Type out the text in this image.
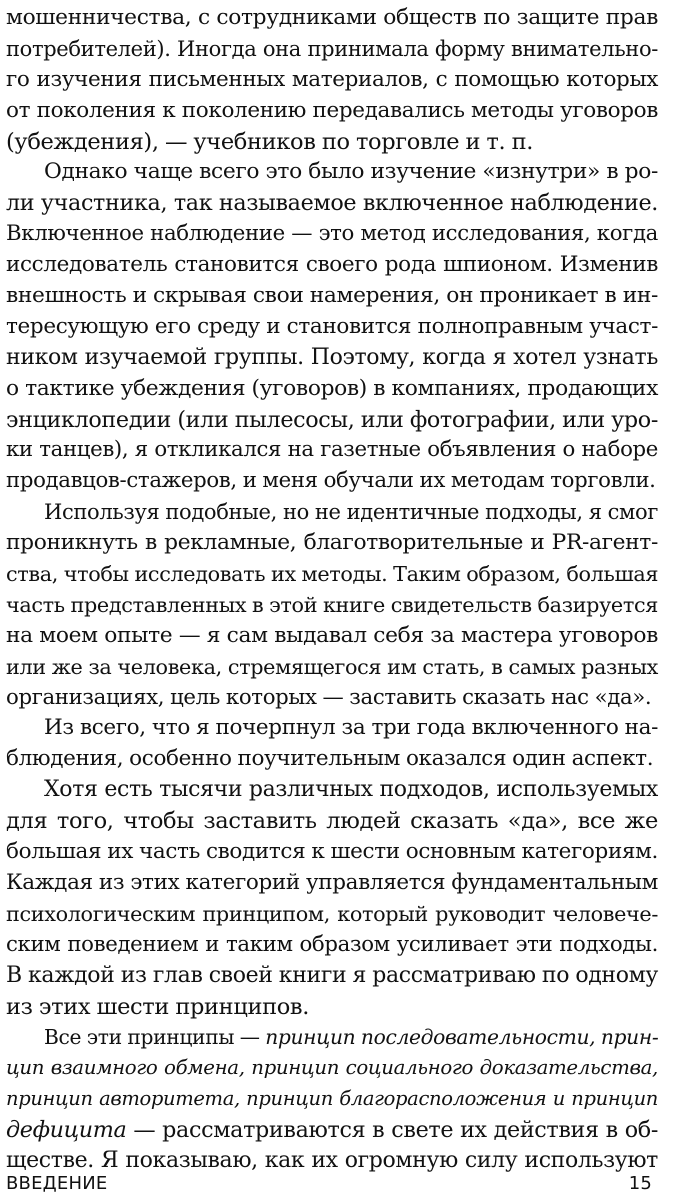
мошенничества, с сотрудниками обществ по защите прав
потребителей). Иногда она принимала форму внимательно-
го изучения письменных материалов, с помощью которых
от поколения к поколению передавались методы уговоров
(убеждения), — учебников по торговле и т. п.
Однако чаще всего это было изучение «изнутри» в ро-
ли участника, так называемое включенное наблюдение.
Включенное наблюдение — это метод исследования, когда
исследователь становится своего рода шпионом. Изменив
внешность и скрывая свои намерения, он проникает в ин-
тересующую его среду и становится полноправным участ-
ником изучаемой группы. Поэтому, когда я хотел узнать
о тактике убеждения (уговоров) в компаниях, продающих
энциклопедии (или пылесосы, или фотографии, или уро-
ки танцев), я откликался на газетные объявления о наборе
продавцов-стажеров, и меня обучали их методам торговли.
Используя подобные, но не идентичные подходы, я смог
проникнуть в рекламные, благотворительные и PR-агент-
ства, чтобы исследовать их методы. Таким образом, большая
часть представленных в этой книге свидетельств базируется
на моем опыте — я сам выдавал себя за мастера уговоров
или же за человека, стремящегося им стать, в самых разных
организациях, цель которых — заставить сказать нас «да».
Из всего, что я почерпнул за три года включенного на-
блюдения, особенно поучительным оказался один аспект.
Хотя есть тысячи различных подходов, используемых
для того, чтобы заставить людей сказать «да», все же
большая их часть сводится к шести основным категориям.
Каждая из этих категорий управляется фундаментальным
психологическим принципом, который руководит человече-
ским поведением и таким образом усиливает эти подходы.
В каждой из глав своей книги я рассматриваю по одному
из этих шести принципов.
Все эти принципы — принцип последовательности, прин-
цип взаимного обмена, принцип социального доказательства,
принцип авторитета, принцип благорасположения и принцип
дефицита — рассматриваются в свете их действия в об-
ществе. Я показываю, как их огромную силу используют
ВВЕДЕНИЕ	15
